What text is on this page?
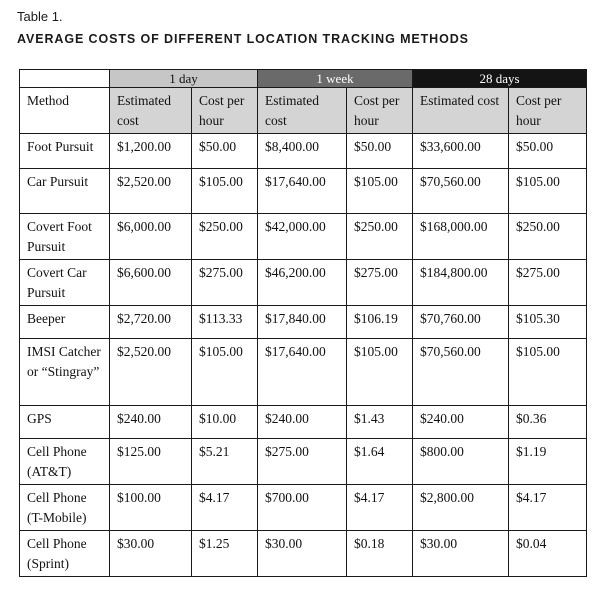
Table 1.
AVERAGE COSTS OF DIFFERENT LOCATION TRACKING METHODS
	1 day		1 week		28 days	
Method	Estimated cost	Cost per hour	Estimated cost	Cost per hour	Estimated cost	Cost per hour
Foot Pursuit	$1,200.00	$50.00	$8,400.00	$50.00	$33,600.00	$50.00
Car Pursuit	$2,520.00	$105.00	$17,640.00	$105.00	$70,560.00	$105.00
Covert Foot Pursuit	$6,000.00	$250.00	$42,000.00	$250.00	$168,000.00	$250.00
Covert Car Pursuit	$6,600.00	$275.00	$46,200.00	$275.00	$184,800.00	$275.00
Beeper	$2,720.00	$113.33	$17,840.00	$106.19	$70,760.00	$105.30
IMSI Catcher or “Stingray”	$2,520.00	$105.00	$17,640.00	$105.00	$70,560.00	$105.00
GPS	$240.00	$10.00	$240.00	$1.43	$240.00	$0.36
Cell Phone (AT&T)	$125.00	$5.21	$275.00	$1.64	$800.00	$1.19
Cell Phone (T-Mobile)	$100.00	$4.17	$700.00	$4.17	$2,800.00	$4.17
Cell Phone (Sprint)	$30.00	$1.25	$30.00	$0.18	$30.00	$0.04
